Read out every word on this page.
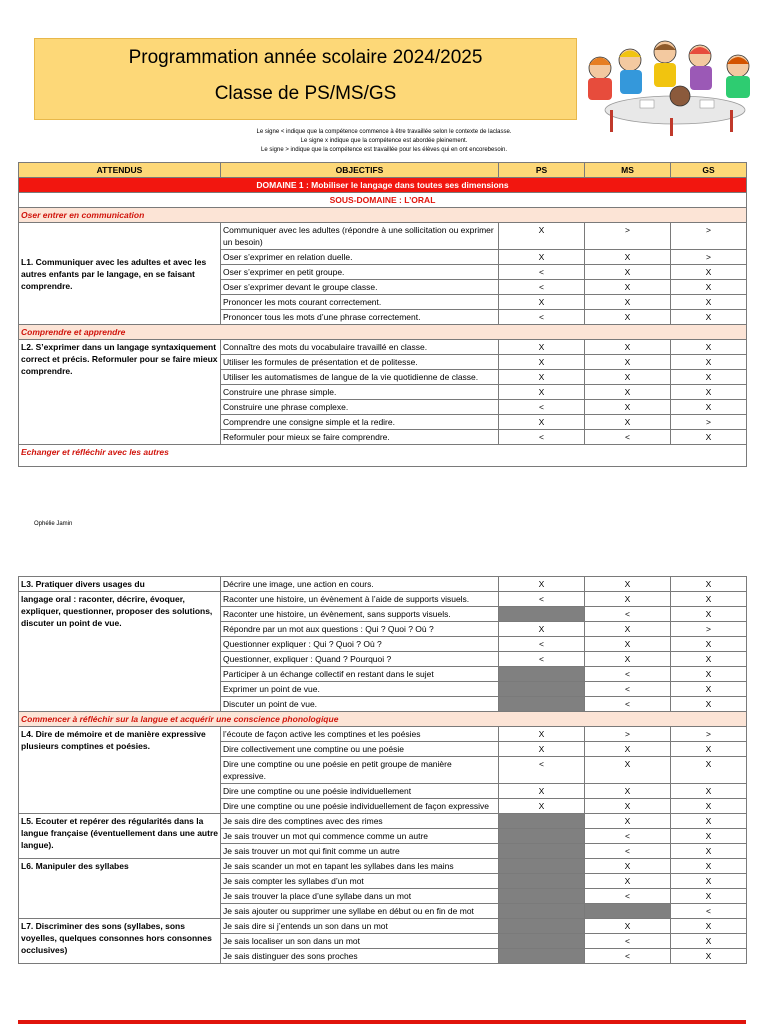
Programmation année scolaire 2024/2025
Classe de PS/MS/GS
Le signe < indique que la compétence commence à être travaillée selon le contexte de laclasse.
Le signe x indique que la compétence est abordée pleinement.
Le signe > indique que la compétence est travaillée pour les élèves qui en ont encorebesoin.
ATTENDUS	OBJECTIFS	PS	MS	GS
DOMAINE 1 : Mobiliser le langage dans toutes ses dimensions				
SOUS-DOMAINE : L’ORAL				
Oser entrer en communication				
L1. Communiquer avec les adultes et avec les autres enfants par le langage, en se faisant comprendre.	Communiquer avec les adultes (répondre à une sollicitation ou exprimer un besoin)	X	>	>
	Oser s’exprimer en relation duelle.	X	X	>
	Oser s’exprimer en petit groupe.	<	X	X
	Oser s’exprimer devant le groupe classe.	<	X	X
	Prononcer les mots courant correctement.	X	X	X
	Prononcer tous les mots d’une phrase correctement.	<	X	X
Comprendre et apprendre				
L2. S’exprimer dans un langage syntaxiquement correct et précis. Reformuler pour se faire mieux comprendre.	Connaître des mots du vocabulaire travaillé en classe.	X	X	X
	Utiliser les formules de présentation et de politesse.	X	X	X
	Utiliser les automatismes de langue de la vie quotidienne de classe.	X	X	X
	Construire une phrase simple.	X	X	X
	Construire une phrase complexe.	<	X	X
	Comprendre une consigne simple et la redire.	X	X	>
	Reformuler pour mieux se faire comprendre.	<	<	X
Echanger et réfléchir avec les autres				
Ophélie Jamin
L3. Pratiquer divers usages du	Décrire une image, une action en cours.	X	X	X
langage oral : raconter, décrire, évoquer, expliquer, questionner, proposer des solutions, discuter un point de vue.	Raconter une histoire, un évènement à l’aide de supports visuels.	<	X	X
	Raconter une histoire, un évènement, sans supports visuels.		<	X
	Répondre par un mot aux questions : Qui ? Quoi ? Où ?	X	X	>
	Questionner expliquer : Qui ? Quoi ? Où ?	<	X	X
	Questionner, expliquer : Quand ? Pourquoi ?	<	X	X
	Participer à un échange collectif en restant dans le sujet		<	X
	Exprimer un point de vue.		<	X
	Discuter un point de vue.		<	X
Commencer à réfléchir sur la langue et acquérir une conscience phonologique				
L4. Dire de mémoire et de manière expressive plusieurs comptines et poésies.	l’écoute de façon active les comptines et les poésies	X	>	>
	Dire collectivement une comptine ou une poésie	X	X	X
	Dire une comptine ou une poésie en petit groupe de manière expressive.	<	X	X
	Dire une comptine ou une poésie individuellement	X	X	X
	Dire une comptine ou une poésie individuellement de façon expressive	X	X	X
L5. Ecouter et repérer des régularités dans la langue française (éventuellement dans une autre langue).	Je sais dire des comptines avec des rimes		X	X
	Je sais trouver un mot qui commence comme un autre		<	X
	Je sais trouver un mot qui finit comme un autre		<	X
L6. Manipuler des syllabes	Je sais scander un mot en tapant les syllabes dans les mains		X	X
	Je sais compter les syllabes d’un mot		X	X
	Je sais trouver la place d’une syllabe dans un mot		<	X
	Je sais ajouter ou supprimer une syllabe en début ou en fin de mot			<
L7. Discriminer des sons (syllabes, sons voyelles, quelques consonnes hors consonnes occlusives)	Je sais dire si j’entends un son dans un mot		X	X
	Je sais localiser un son dans un mot		<	X
	Je sais distinguer des sons proches		<	X
